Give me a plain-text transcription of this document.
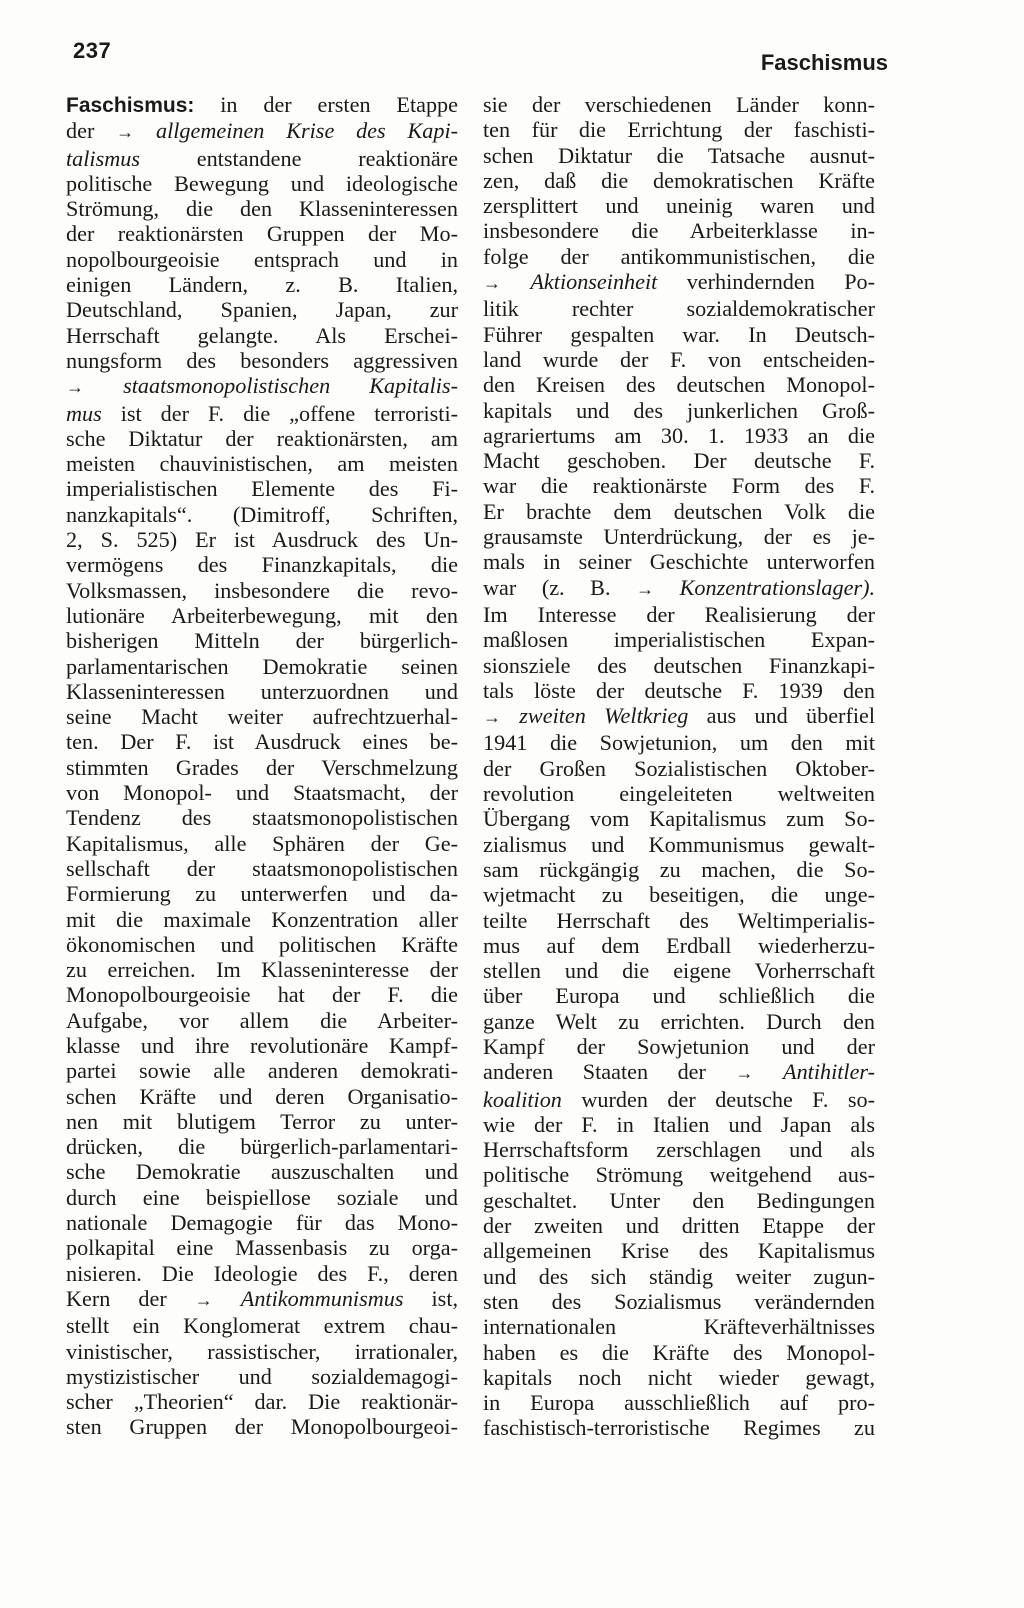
237	Faschismus
Faschismus: in der ersten Etappe
der → allgemeinen Krise des Kapi-
talismus	entstandene reaktionäre
politische Bewegung und ideologische
Strömung, die den Klasseninteressen
der reaktionärsten Gruppen der Mo-
nopolbourgeoisie entsprach und in
einigen Ländern, z. B. Italien,
Deutschland, Spanien, Japan, zur
Herrschaft gelangte. Als Erschei-
nungsform des besonders aggressiven
→ staatsmonopolistischen Kapitalis-
mus ist der F. die „offene terroristi-
sche Diktatur der reaktionärsten, am
meisten chauvinistischen, am meisten
imperialistischen Elemente des Fi-
nanzkapitals“. (Dimitroff, Schriften,
2, S. 525) Er ist Ausdruck des Un-
vermögens des Finanzkapitals, die
Volksmassen, insbesondere die revo-
lutionäre Arbeiterbewegung, mit den
bisherigen Mitteln der bürgerlich-
parlamentarischen Demokratie seinen
Klasseninteressen unterzuordnen und
seine Macht weiter aufrechtzuerhal-
ten. Der F. ist Ausdruck eines be-
stimmten Grades der Verschmelzung
von Monopol- und Staatsmacht, der
Tendenz des staatsmonopolistischen
Kapitalismus, alle Sphären der Ge-
sellschaft der staatsmonopolistischen
Formierung zu unterwerfen und da-
mit die maximale Konzentration aller
ökonomischen und politischen Kräfte
zu erreichen. Im Klasseninteresse der
Monopolbourgeoisie hat der F. die
Aufgabe, vor allem die Arbeiter-
klasse und ihre revolutionäre Kampf-
partei sowie alle anderen demokrati-
schen Kräfte und deren Organisatio-
nen mit blutigem Terror zu unter-
drücken, die bürgerlich-parlamentari-
sche Demokratie auszuschalten und
durch eine beispiellose soziale und
nationale Demagogie für das Mono-
polkapital eine Massenbasis zu orga-
nisieren. Die Ideologie des F., deren
Kern der → Antikommunismus ist,
stellt ein Konglomerat extrem chau-
vinistischer, rassistischer, irrationaler,
mystizistischer und sozialdemagogi-
scher „Theorien“ dar. Die reaktionär-
sten Gruppen der Monopolbourgeoi-
sie der verschiedenen Länder konn-
ten für die Errichtung der faschisti-
schen Diktatur die Tatsache ausnut-
zen, daß die demokratischen Kräfte
zersplittert und uneinig waren und
insbesondere die Arbeiterklasse in-
folge der antikommunistischen, die
→ Aktionseinheit verhindernden Po-
litik rechter sozialdemokratischer
Führer gespalten war. In Deutsch-
land wurde der F. von entscheiden-
den Kreisen des deutschen Monopol-
kapitals und des junkerlichen Groß-
agrariertums am 30. 1. 1933 an die
Macht geschoben. Der deutsche F.
war die reaktionärste Form des F.
Er brachte dem deutschen Volk die
grausamste Unterdrückung, der es je-
mals in seiner Geschichte unterworfen
war (z. B. → Konzentrationslager).
Im Interesse der Realisierung der
maßlosen imperialistischen Expan-
sionsziele des deutschen Finanzkapi-
tals löste der deutsche F. 1939 den
→ zweiten Weltkrieg aus und überfiel
1941 die Sowjetunion, um den mit
der Großen Sozialistischen Oktober-
revolution eingeleiteten weltweiten
Übergang vom Kapitalismus zum So-
zialismus und Kommunismus gewalt-
sam rückgängig zu machen, die So-
wjetmacht zu beseitigen, die unge-
teilte Herrschaft des Weltimperialis-
mus auf dem Erdball wiederherzu-
stellen und die eigene Vorherrschaft
über Europa und schließlich die
ganze Welt zu errichten. Durch den
Kampf der Sowjetunion und der
anderen Staaten der → Antihitler-
koalition wurden der deutsche F. so-
wie der F. in Italien und Japan als
Herrschaftsform zerschlagen und als
politische Strömung weitgehend aus-
geschaltet. Unter den Bedingungen
der zweiten und dritten Etappe der
allgemeinen Krise des Kapitalismus
und des sich ständig weiter zugun-
sten des Sozialismus verändernden
internationalen Kräfteverhältnisses
haben es die Kräfte des Monopol-
kapitals noch nicht wieder gewagt,
in Europa ausschließlich auf pro-
faschistisch-terroristische Regimes zu
